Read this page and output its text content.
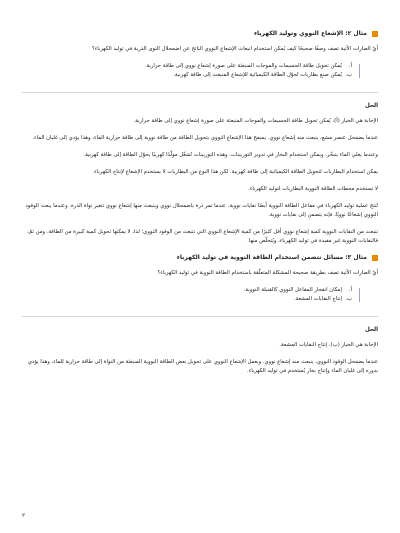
مثال ٢: الإشعاع النووي وتوليد الكهرباء

أيّ العبارات الآتية تصف وصفًا صحيحًا كيف يُمكن استخدام انبعاث الإشعاع النووي الناتج عن اضمحلال النوى الذرية في توليد الكهرباء؟

أ.
يُمكن تحويل طاقة الجسيمات والموجات المنبعثة على صورة إشعاع نووي إلى طاقة حرارية.
ب.
يُمكن صنع بطاريات تُحوّل الطاقة الكيميائية للإشعاع المنبعث إلى طاقة كهربية.
الحل

الإجابة هي الخيار (أ)، يُمكن تحويل طاقة الجسيمات والموجات المنبعثة على صورة إشعاع نووي إلى طاقة حرارية.

عندما يضمحل عنصر مشع، ينبعث منه إشعاع نووي. يسمح هذا الإشعاع النووي بتحويل الطاقة من طاقة نووية إلى طاقة حرارية الماء، وهذا يؤدي إلى غليان الماء.

وعندما يغلي الماء يتبخّر، ويمكن استخدام البخار في تدوير التوربينات. وهذه التوربينات تُشغّل مولّدًا كهربيًا يحوّل الطاقة إلى طاقة كهربية.

يمكن استخدام البطاريات لتحويل الطاقة الكيميائية إلى طاقة كهربية. لكن هذا النوع من البطاريات لا يستخدم الإشعاع لإنتاج الكهرباء.

لا تستخدم محطات الطاقة النووية البطاريات لتوليد الكهرباء.

تُنتج عملية توليد الكهرباء في مفاعل الطاقة النووية أيضًا نفايات نووية. عندما تمر ذرة باضمحلال نووي وينبعث منها إشعاع نووي تتغير نواة الذرة. وعندما يبعث الوقود النووي إشعاعًا نوويًا، فإنه يتضمن إلى نفايات نووية.

تنبعث من النفايات النووية كمية إشعاع نووي أقل كثيرًا من كمية الإشعاع النووي التي تنبعث من الوقود النووي؛ لذا، لا يمكنها تحويل كمية كبيرة من الطاقة. ومن ثمّ، فالنفايات النووية غير مفيدة في توليد الكهرباء، ويُتخلّص منها.

مثال ٣: مسائل تتضمن استخدام الطاقة النووية في توليد الكهرباء

أيّ العبارات الآتية تصف بطريقة صحيحة المشكلة المتعلّقة باستخدام الطاقة النووية في توليد الكهرباء؟

أ.
إمكان انفجار المفاعل النووي كالقنبلة النووية.
ب.
إنتاج النفايات المشعة.
الحل

الإجابة هي الخيار (ب)، إنتاج النفايات المشعة.

عندما يضمحل الوقود النووي، ينبعث منه إشعاع نووي. ويعمل الإشعاع النووي على تحويل بعض الطاقة النووية المنبعثة من النواة إلى طاقة حرارية للماء، وهذا يؤدي بدوره إلى غليان الماء وإنتاج بخار يُستخدم في توليد الكهرباء.

٢
